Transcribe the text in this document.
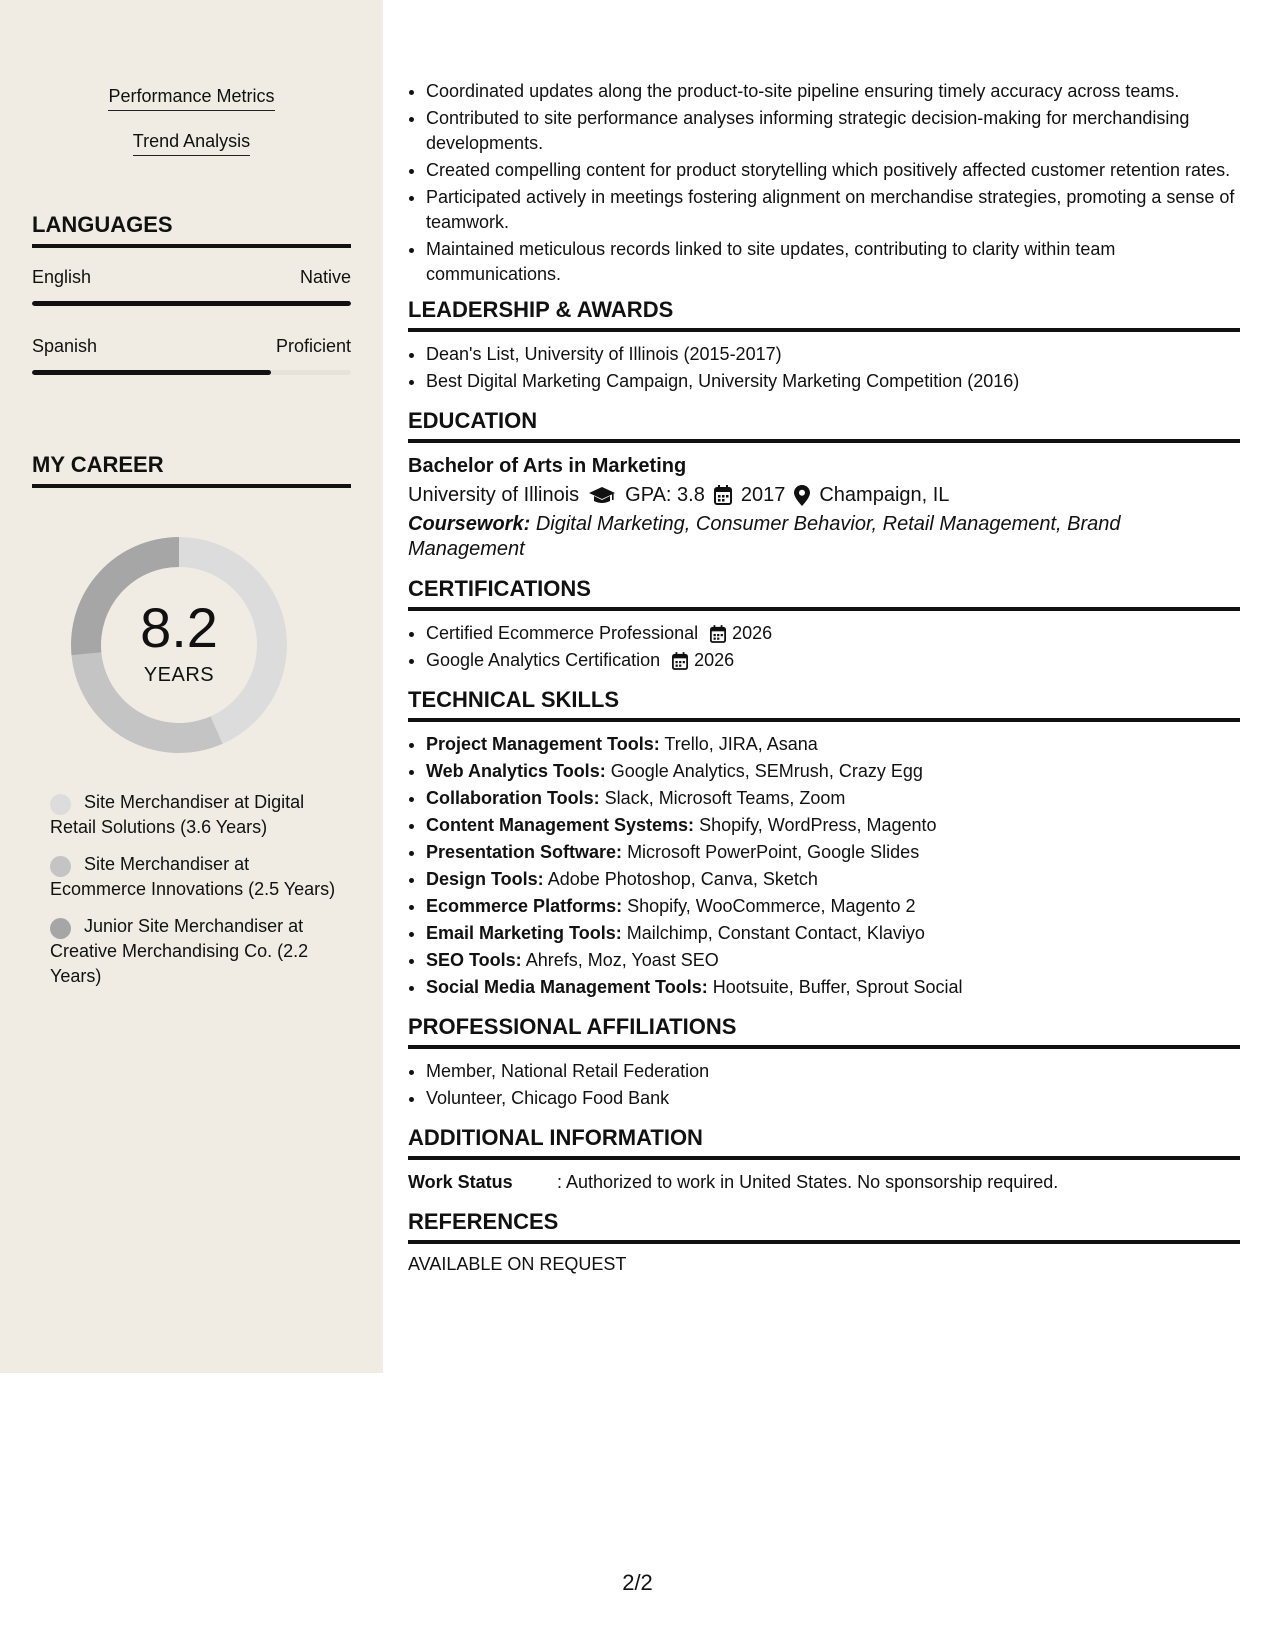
Performance Metrics
Trend Analysis
LANGUAGES
English	Native
Spanish	Proficient
MY CAREER
8.2
YEARS
Site Merchandiser at Digital Retail Solutions (3.6 Years)
Site Merchandiser at Ecommerce Innovations (2.5 Years)
Junior Site Merchandiser at Creative Merchandising Co. (2.2 Years)
• Coordinated updates along the product-to-site pipeline ensuring timely accuracy across teams.
• Contributed to site performance analyses informing strategic decision-making for merchandising developments.
• Created compelling content for product storytelling which positively affected customer retention rates.
• Participated actively in meetings fostering alignment on merchandise strategies, promoting a sense of teamwork.
• Maintained meticulous records linked to site updates, contributing to clarity within team communications.
LEADERSHIP & AWARDS
• Dean's List, University of Illinois (2015-2017)
• Best Digital Marketing Campaign, University Marketing Competition (2016)
EDUCATION
Bachelor of Arts in Marketing
University of Illinois GPA: 3.8 2017 Champaign, IL
Coursework: Digital Marketing, Consumer Behavior, Retail Management, Brand Management
CERTIFICATIONS
• Certified Ecommerce Professional 2026
• Google Analytics Certification 2026
TECHNICAL SKILLS
• Project Management Tools: Trello, JIRA, Asana
• Web Analytics Tools: Google Analytics, SEMrush, Crazy Egg
• Collaboration Tools: Slack, Microsoft Teams, Zoom
• Content Management Systems: Shopify, WordPress, Magento
• Presentation Software: Microsoft PowerPoint, Google Slides
• Design Tools: Adobe Photoshop, Canva, Sketch
• Ecommerce Platforms: Shopify, WooCommerce, Magento 2
• Email Marketing Tools: Mailchimp, Constant Contact, Klaviyo
• SEO Tools: Ahrefs, Moz, Yoast SEO
• Social Media Management Tools: Hootsuite, Buffer, Sprout Social
PROFESSIONAL AFFILIATIONS
• Member, National Retail Federation
• Volunteer, Chicago Food Bank
ADDITIONAL INFORMATION
Work Status	: Authorized to work in United States. No sponsorship required.
REFERENCES
AVAILABLE ON REQUEST
2/2
